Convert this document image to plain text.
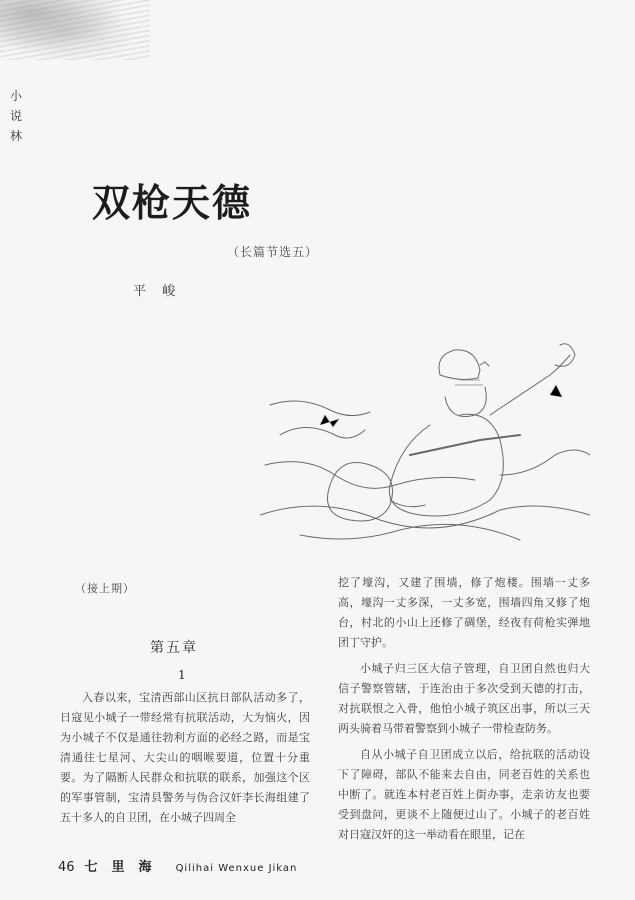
小说林
双枪天德
（长篇节选五）
平 峻
（接上期）
第五章
1

入春以来，宝清西部山区抗日部队活动多了，日寇见小城子一带经常有抗联活动，大为恼火，因为小城子不仅是通往勃利方面的必经之路，而是宝清通往七星河、大尖山的咽喉要道，位置十分重要。为了隔断人民群众和抗联的联系，加强这个区的军事管制，宝清县警务与伪合汉奸李长海组建了五十多人的自卫团，在小城子四周全

挖了壕沟，又建了围墙，修了炮楼。围墙一丈多高，壕沟一丈多深，一丈多宽，围墙四角又修了炮台，村北的小山上还修了碉堡，经夜有荷枪实弹地团丁守护。

小城子归三区大信子管理，自卫团自然也归大信子警察管辖，于连治由于多次受到天德的打击，对抗联恨之入骨，他怕小城子筑区出事，所以三天两头骑着马带着警察到小城子一带检查防务。

自从小城子自卫团成立以后，给抗联的活动设下了障碍，部队不能来去自由，同老百姓的关系也中断了。就连本村老百姓上街办事，走亲访友也要受到盘问，更谈不上随便过山了。小城子的老百姓对日寇汉奸的这一举动看在眼里，记在

46 七里海 Qilihai Wenxue Jikan
